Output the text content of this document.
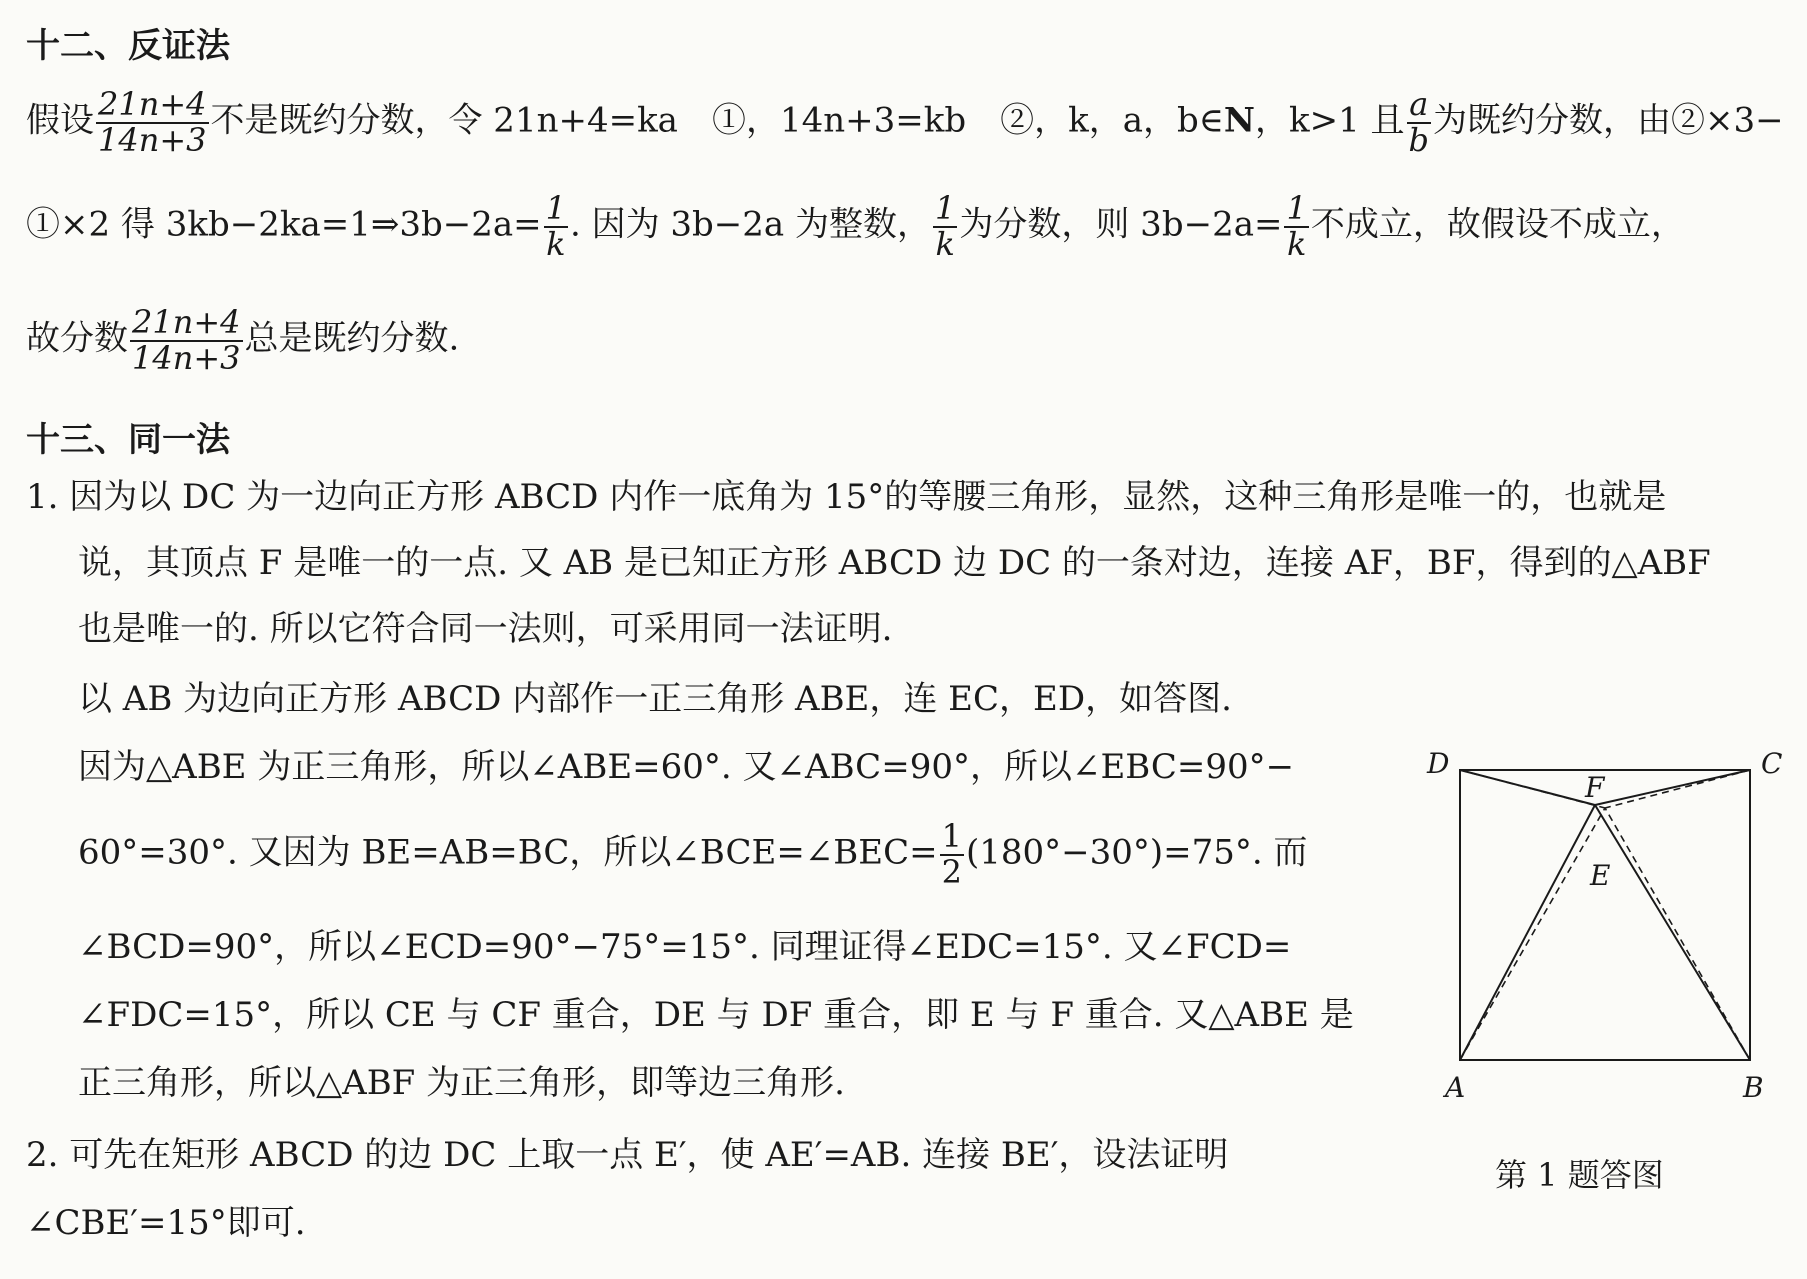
十二、反证法
假设 $\frac{21n+4}{14n+3}$ 不是既约分数，令 21n+4=ka　①，14n+3=kb　②，k，a，b∈N，k>1 且 $\frac{a}{b}$ 为既约分数，由②×3−
①×2 得 3kb−2ka=1⇒3b−2a= $\frac{1}{k}$ . 因为 3b−2a 为整数， $\frac{1}{k}$ 为分数，则 $3b-2a= \frac{1}{k}$ 不成立，故假设不成立，
故分数 $\frac{21n+4}{14n+3}$ 总是既约分数.
十三、同一法
1. 因为以 DC 为一边向正方形 ABCD 内作一底角为 15°的等腰三角形，显然，这种三角形是唯一的，也就是
说，其顶点 F 是唯一的一点. 又 AB 是已知正方形 ABCD 边 DC 的一条对边，连接 AF，BF，得到的△ABF
也是唯一的. 所以它符合同一法则，可采用同一法证明.
以 AB 为边向正方形 ABCD 内部作一正三角形 ABE，连 EC，ED，如答图.
因为△ABE 为正三角形，所以∠ABE=60°. 又∠ABC=90°，所以∠EBC=90°−
60°=30°. 又因为 BE=AB=BC，所以∠BCE=∠BEC= $\frac{1}{2} (180^\circ-30^\circ)=75^\circ$. 而
∠BCD=90°，所以∠ECD=90°−75°=15°. 同理证得∠EDC=15°. 又∠FCD=
∠FDC=15°，所以 CE 与 CF 重合，DE 与 DF 重合，即 E 与 F 重合. 又△ABE 是
正三角形，所以△ABF 为正三角形，即等边三角形.
2. 可先在矩形 ABCD 的边 DC 上取一点 E′，使 AE′=AB. 连接 BE′，设法证明
∠CBE′=15°即可.
D	C
F
E
A	B
第 1 题答图
